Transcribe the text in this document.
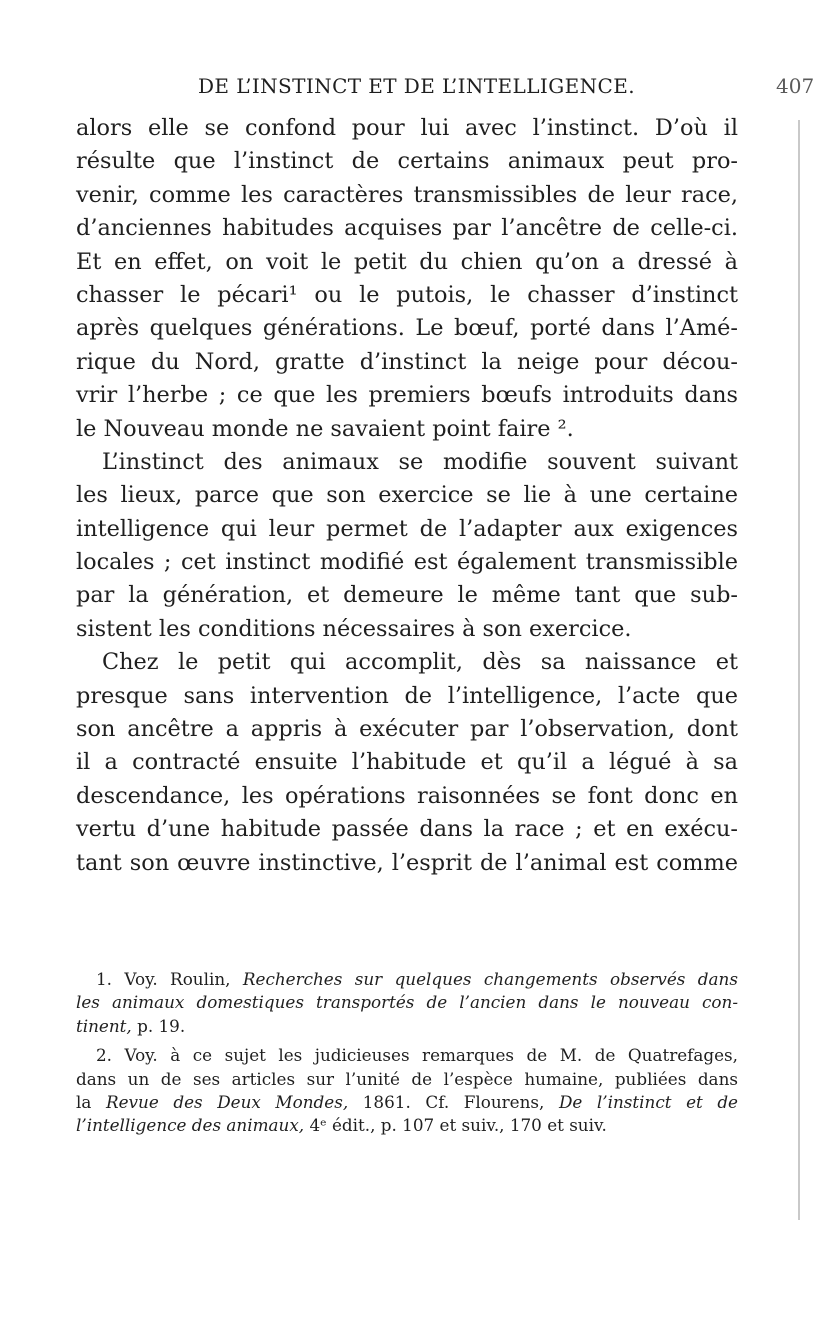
DE L’INSTINCT ET DE L’INTELLIGENCE.	407
alors elle se confond pour lui avec l’instinct. D’où il
résulte que l’instinct de certains animaux peut pro-
venir, comme les caractères transmissibles de leur race,
d’anciennes habitudes acquises par l’ancêtre de celle-ci.
Et en effet, on voit le petit du chien qu’on a dressé à
chasser le pécari¹ ou le putois, le chasser d’instinct
après quelques générations. Le bœuf, porté dans l’Amé-
rique du Nord, gratte d’instinct la neige pour décou-
vrir l’herbe ; ce que les premiers bœufs introduits dans
le Nouveau monde ne savaient point faire ².
L’instinct des animaux se modifie souvent suivant
les lieux, parce que son exercice se lie à une certaine
intelligence qui leur permet de l’adapter aux exigences
locales ; cet instinct modifié est également transmissible
par la génération, et demeure le même tant que sub-
sistent les conditions nécessaires à son exercice.
Chez le petit qui accomplit, dès sa naissance et
presque sans intervention de l’intelligence, l’acte que
son ancêtre a appris à exécuter par l’observation, dont
il a contracté ensuite l’habitude et qu’il a légué à sa
descendance, les opérations raisonnées se font donc en
vertu d’une habitude passée dans la race ; et en exécu-
tant son œuvre instinctive, l’esprit de l’animal est comme
1. Voy. Roulin, Recherches sur quelques changements observés dans
les animaux domestiques transportés de l’ancien dans le nouveau con-
tinent, p. 19.
2. Voy. à ce sujet les judicieuses remarques de M. de Quatrefages,
dans un de ses articles sur l’unité de l’espèce humaine, publiées dans
la Revue des Deux Mondes, 1861. Cf. Flourens, De l’instinct et de
l’intelligence des animaux, 4ᵉ édit., p. 107 et suiv., 170 et suiv.
